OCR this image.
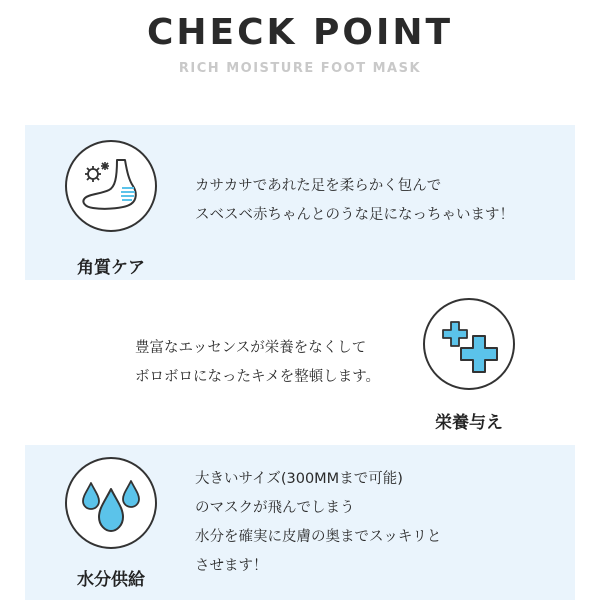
CHECK POINT
RICH MOISTURE FOOT MASK
角質ケア
カサカサであれた足を柔らかく包んで
スベスベ赤ちゃんとのうな足になっちゃいます！
栄養与え
豊富なエッセンスが栄養をなくして
ボロボロになったキメを整頓します。
水分供給
大きいサイズ(300MMまで可能)
のマスクが飛んでしまう
水分を確実に皮膚の奥までスッキリと
させます！
